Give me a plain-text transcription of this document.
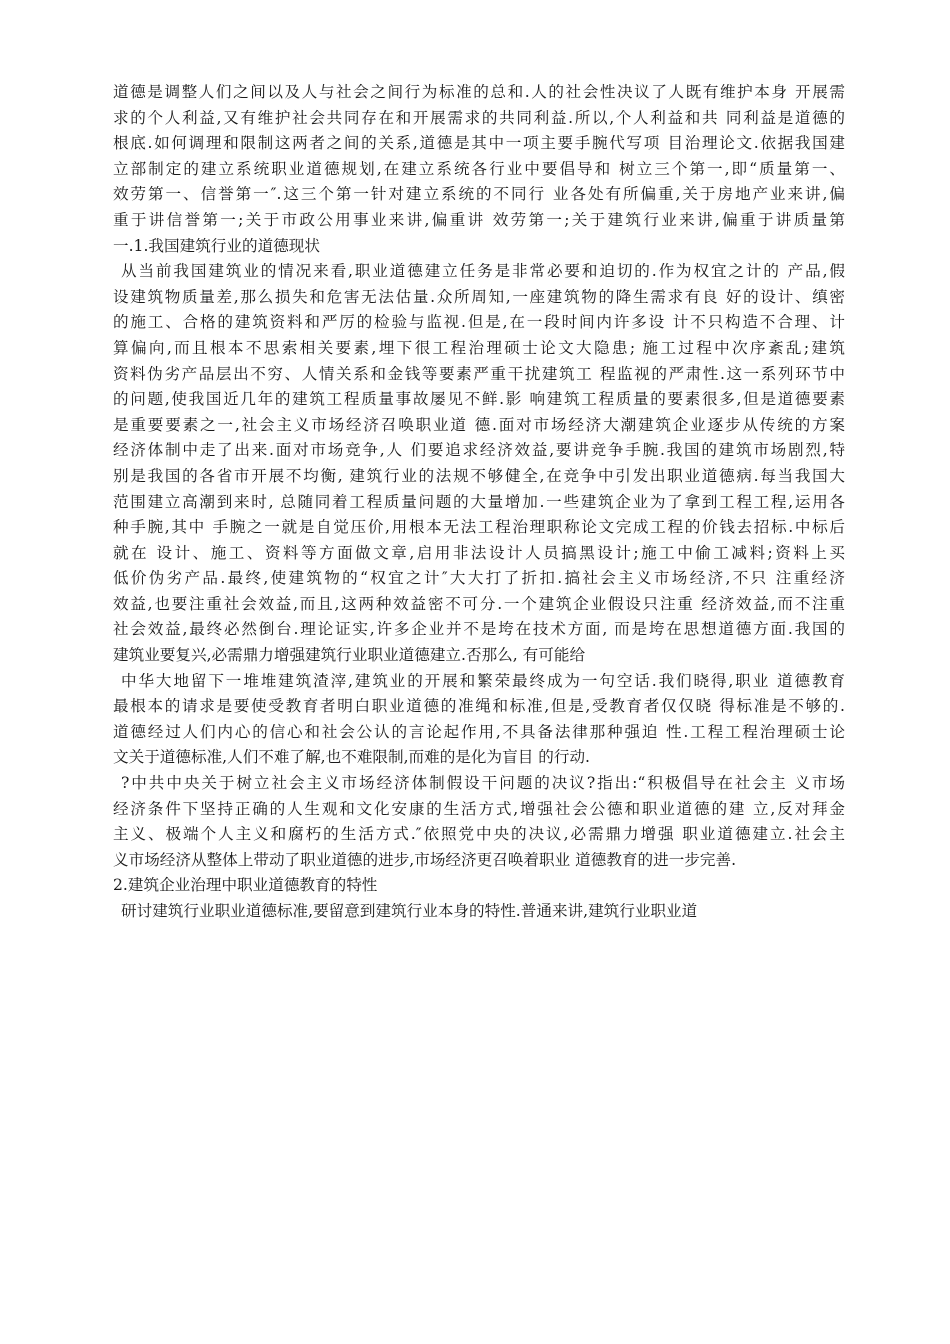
道德是调整人们之间以及人与社会之间行为标准的总和.人的社会性决议了人既有维护本身 开展需
求的个人利益,又有维护社会共同存在和开展需求的共同利益.所以,个人利益和共 同利益是道德的
根底.如何调理和限制这两者之间的关系,道德是其中一项主要手腕代写项 目治理论文.依据我国建
立部制定的建立系统职业道德规划,在建立系统各行业中要倡导和 树立三个第一,即“质量第一、
效劳第一、信誉第一″.这三个第一针对建立系统的不同行 业各处有所偏重,关于房地产业来讲,偏
重于讲信誉第一;关于市政公用事业来讲,偏重讲 效劳第一;关于建筑行业来讲,偏重于讲质量第
一.1.我国建筑行业的道德现状
从当前我国建筑业的情况来看,职业道德建立任务是非常必要和迫切的.作为权宜之计的 产品,假
设建筑物质量差,那么损失和危害无法估量.众所周知,一座建筑物的降生需求有良 好的设计、缜密
的施工、合格的建筑资料和严厉的检验与监视.但是,在一段时间内许多设 计不只构造不合理、计
算偏向,而且根本不思索相关要素,埋下很工程治理硕士论文大隐患; 施工过程中次序紊乱;建筑
资料伪劣产品层出不穷、人情关系和金钱等要素严重干扰建筑工 程监视的严肃性.这一系列环节中
的问题,使我国近几年的建筑工程质量事故屡见不鲜.影 响建筑工程质量的要素很多,但是道德要素
是重要要素之一,社会主义市场经济召唤职业道 德.面对市场经济大潮建筑企业逐步从传统的方案
经济体制中走了出来.面对市场竞争,人 们要追求经济效益,要讲竞争手腕.我国的建筑市场剧烈,特
别是我国的各省市开展不均衡, 建筑行业的法规不够健全,在竞争中引发出职业道德病.每当我国大
范围建立高潮到来时, 总随同着工程质量问题的大量增加.一些建筑企业为了拿到工程工程,运用各
种手腕,其中 手腕之一就是自觉压价,用根本无法工程治理职称论文完成工程的价钱去招标.中标后
就在 设计、施工、资料等方面做文章,启用非法设计人员搞黑设计;施工中偷工减料;资料上买
低价伪劣产品.最终,使建筑物的“权宜之计″大大打了折扣.搞社会主义市场经济,不只 注重经济
效益,也要注重社会效益,而且,这两种效益密不可分.一个建筑企业假设只注重 经济效益,而不注重
社会效益,最终必然倒台.理论证实,许多企业并不是垮在技术方面, 而是垮在思想道德方面.我国的
建筑业要复兴,必需鼎力增强建筑行业职业道德建立.否那么, 有可能给
中华大地留下一堆堆建筑渣滓,建筑业的开展和繁荣最终成为一句空话.我们晓得,职业 道德教育
最根本的请求是要使受教育者明白职业道德的准绳和标准,但是,受教育者仅仅晓 得标准是不够的.
道德经过人们内心的信心和社会公认的言论起作用,不具备法律那种强迫 性.工程工程治理硕士论
文关于道德标准,人们不难了解,也不难限制,而难的是化为盲目 的行动.
?中共中央关于树立社会主义市场经济体制假设干问题的决议?指出:“积极倡导在社会主 义市场
经济条件下坚持正确的人生观和文化安康的生活方式,增强社会公德和职业道德的建 立,反对拜金
主义、极端个人主义和腐朽的生活方式.″依照党中央的决议,必需鼎力增强 职业道德建立.社会主
义市场经济从整体上带动了职业道德的进步,市场经济更召唤着职业 道德教育的进一步完善.
2.建筑企业治理中职业道德教育的特性
研讨建筑行业职业道德标准,要留意到建筑行业本身的特性.普通来讲,建筑行业职业道
